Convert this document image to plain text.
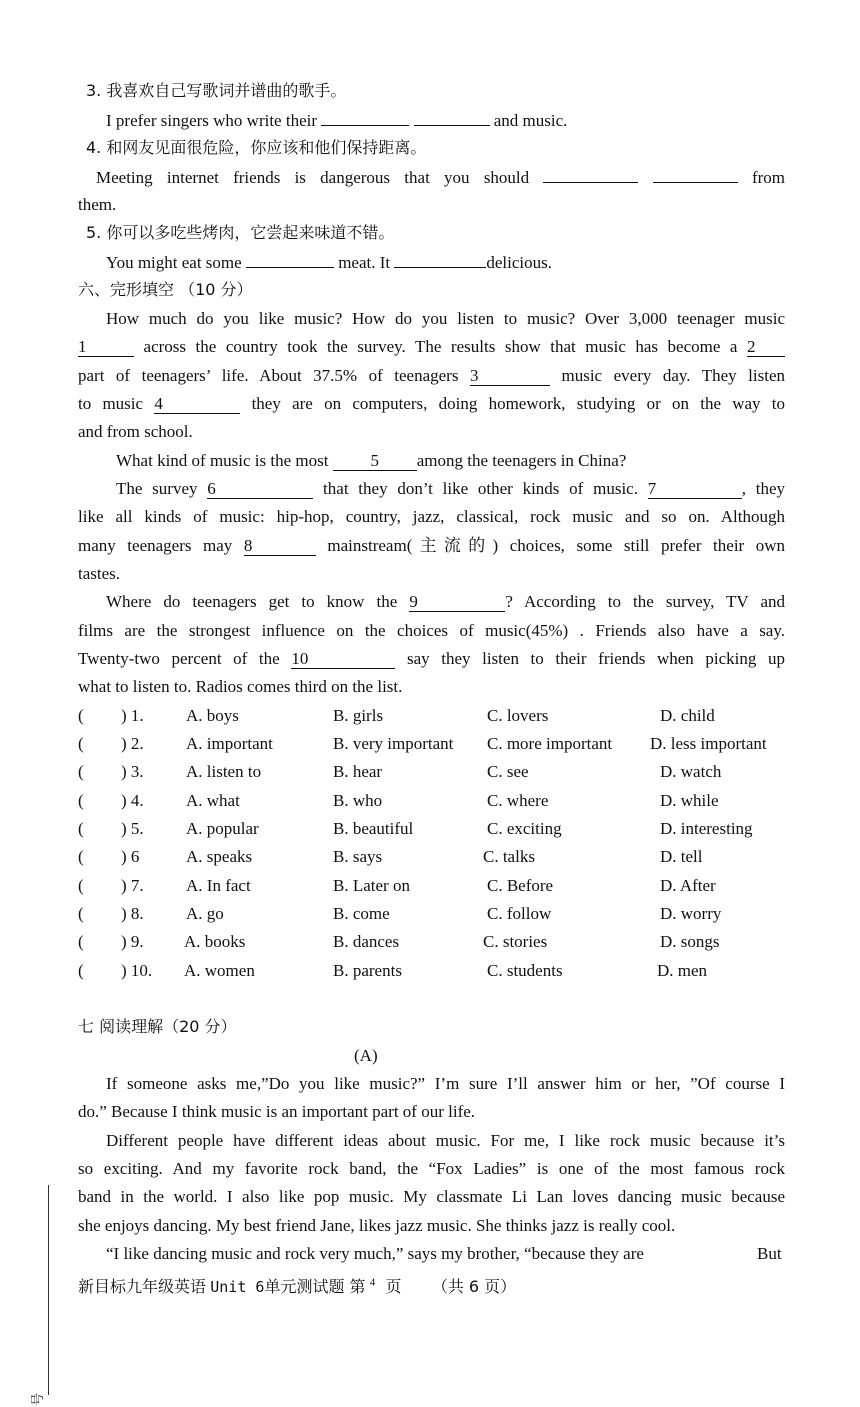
3. 我喜欢自己写歌词并谱曲的歌手。
I prefer singers who write their	and music.
4. 和网友见面很危险，你应该和他们保持距离。
Meeting internet friends is dangerous that you should	from
them.
5. 你可以多吃些烤肉，它尝起来味道不错。
You might eat some	meat. It	delicious.
六、完形填空 （10 分）
How much do you like music? How do you listen to music? Over 3,000 teenager music
1	across the country took the survey. The results show that music has become a 2
part of teenagers’ life. About 37.5% of teenagers 3	music every day. They listen
to music 4	they are on computers, doing homework, studying or on the way to
and from school.
What kind of music is the most 5 among the teenagers in China?
The survey 6	that they don’t like other kinds of music. 7	, they
like all kinds of music: hip-hop, country, jazz, classical, rock music and so on. Although
many teenagers may 8	mainstream(主流的) choices, some still prefer their own
tastes.
Where do teenagers get to know the 9	? According to the survey, TV and
films are the strongest influence on the choices of music(45%) . Friends also have a say.
Twenty-two percent of the 10	say they listen to their friends when picking up
what to listen to. Radios comes third on the list.
( ) 1. A. boys	B. girls	C. lovers	D. child
( ) 2. A. important	B. very important C. more important D. less important
( ) 3. A. listen to	B. hear	C. see	D. watch
( ) 4. A. what	B. who	C. where	D. while
( ) 5. A. popular	B. beautiful	C. exciting	D. interesting
( ) 6	A. speaks	B. says	C. talks	D. tell
( ) 7. A. In fact	B. Later on	C. Before	D. After
( ) 8. A. go	B. come	C. follow	D. worry
( ) 9. A. books	B. dances	C. stories	D. songs
( ) 10. A. women	B. parents	C. students	D. men
七 阅读理解（20 分）
(A)
If someone asks me,”Do you like music?” I’m sure I’ll answer him or her, ”Of course I
do.” Because I think music is an important part of our life.
Different people have different ideas about music. For me, I like rock music because it’s
so exciting. And my favorite rock band, the “Fox Ladies” is one of the most famous rock
band in the world. I also like pop music. My classmate Li Lan loves dancing music because
she enjoys dancing. My best friend Jane, likes jazz music. She thinks jazz is really cool.
“I like dancing music and rock very much,” says my brother, “because they are	But
新目标九年级英语 Unit 6单元测试题 第 $^4$ 页 （共 6 页）
号
